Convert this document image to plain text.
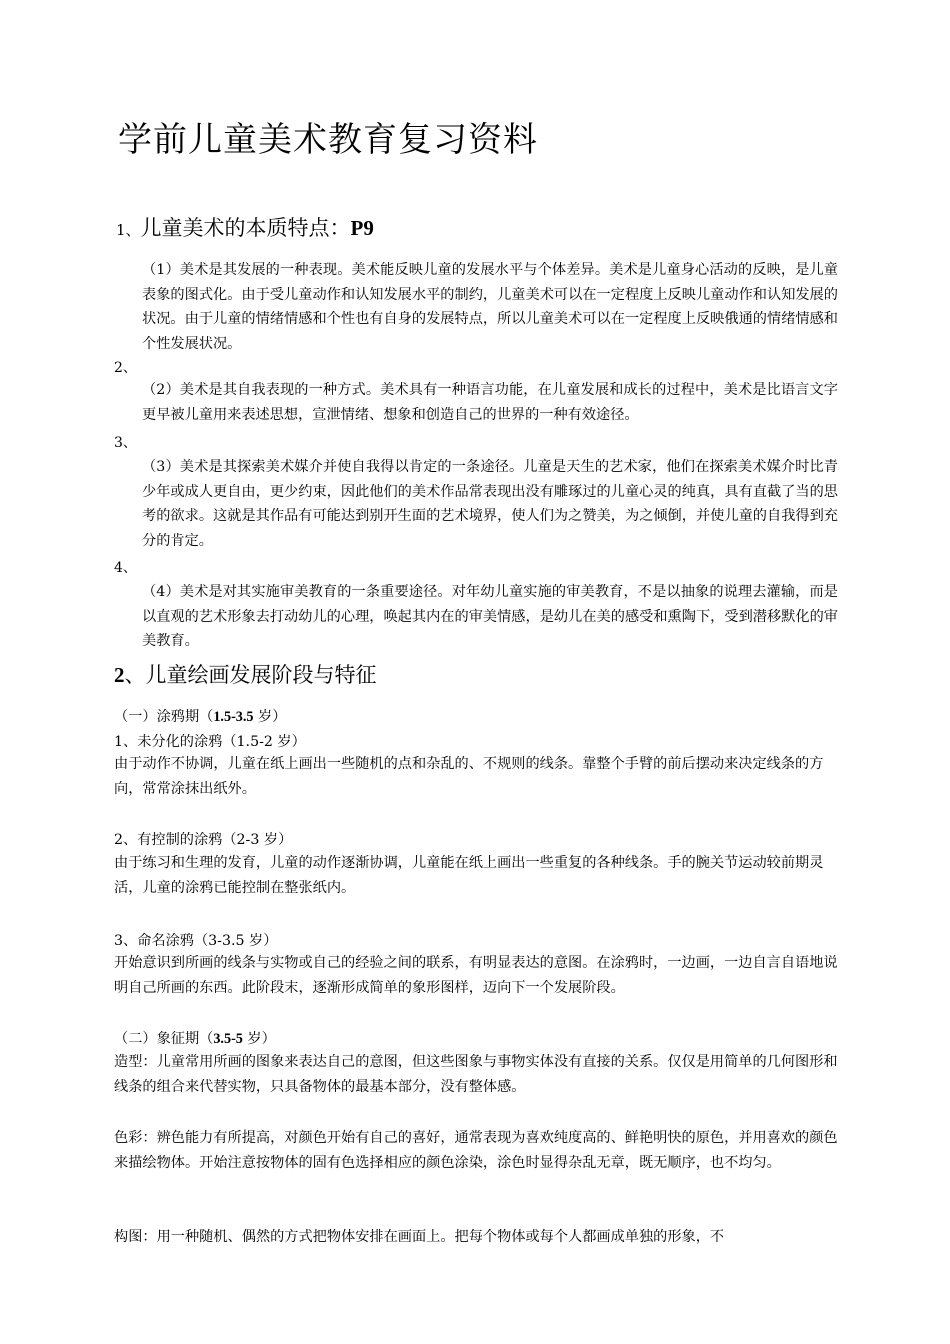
学前儿童美术教育复习资料
1、儿童美术的本质特点：P9

（1）美术是其发展的一种表现。美术能反映儿童的发展水平与个体差异。美术是儿童身心活动的反映，是儿童表象的图式化。由于受儿童动作和认知发展水平的制约，儿童美术可以在一定程度上反映儿童动作和认知发展的状况。由于儿童的情绪情感和个性也有自身的发展特点，所以儿童美术可以在一定程度上反映俄通的情绪情感和个性发展状况。

2、

（2）美术是其自我表现的一种方式。美术具有一种语言功能，在儿童发展和成长的过程中，美术是比语言文字更早被儿童用来表述思想，宣泄情绪、想象和创造自己的世界的一种有效途径。

3、

（3）美术是其探索美术媒介并使自我得以肯定的一条途径。儿童是天生的艺术家，他们在探索美术媒介时比青少年或成人更自由，更少约束，因此他们的美术作品常表现出没有雕琢过的儿童心灵的纯真，具有直截了当的思考的欲求。这就是其作品有可能达到别开生面的艺术境界，使人们为之赞美，为之倾倒，并使儿童的自我得到充分的肯定。

4、

（4）美术是对其实施审美教育的一条重要途径。对年幼儿童实施的审美教育，不是以抽象的说理去灌输，而是以直观的艺术形象去打动幼儿的心理，唤起其内在的审美情感，是幼儿在美的感受和熏陶下，受到潜移默化的审美教育。

2、儿童绘画发展阶段与特征
（一）涂鸦期（1.5-3.5 岁）
1、未分化的涂鸦（1.5-2 岁）

由于动作不协调，儿童在纸上画出一些随机的点和杂乱的、不规则的线条。靠整个手臂的前后摆动来决定线条的方向，常常涂抹出纸外。

2、有控制的涂鸦（2-3 岁）

由于练习和生理的发育，儿童的动作逐渐协调，儿童能在纸上画出一些重复的各种线条。手的腕关节运动较前期灵活，儿童的涂鸦已能控制在整张纸内。

3、命名涂鸦（3-3.5 岁）

开始意识到所画的线条与实物或自己的经验之间的联系，有明显表达的意图。在涂鸦时，一边画，一边自言自语地说明自己所画的东西。此阶段末，逐渐形成简单的象形图样，迈向下一个发展阶段。

（二）象征期（3.5-5 岁）

造型：儿童常用所画的图象来表达自己的意图，但这些图象与事物实体没有直接的关系。仅仅是用简单的几何图形和线条的组合来代替实物，只具备物体的最基本部分，没有整体感。

色彩：辨色能力有所提高，对颜色开始有自己的喜好，通常表现为喜欢纯度高的、鲜艳明快的原色，并用喜欢的颜色来描绘物体。开始注意按物体的固有色选择相应的颜色涂染，涂色时显得杂乱无章，既无顺序，也不均匀。

构图：用一种随机、偶然的方式把物体安排在画面上。把每个物体或每个人都画成单独的形象，不
